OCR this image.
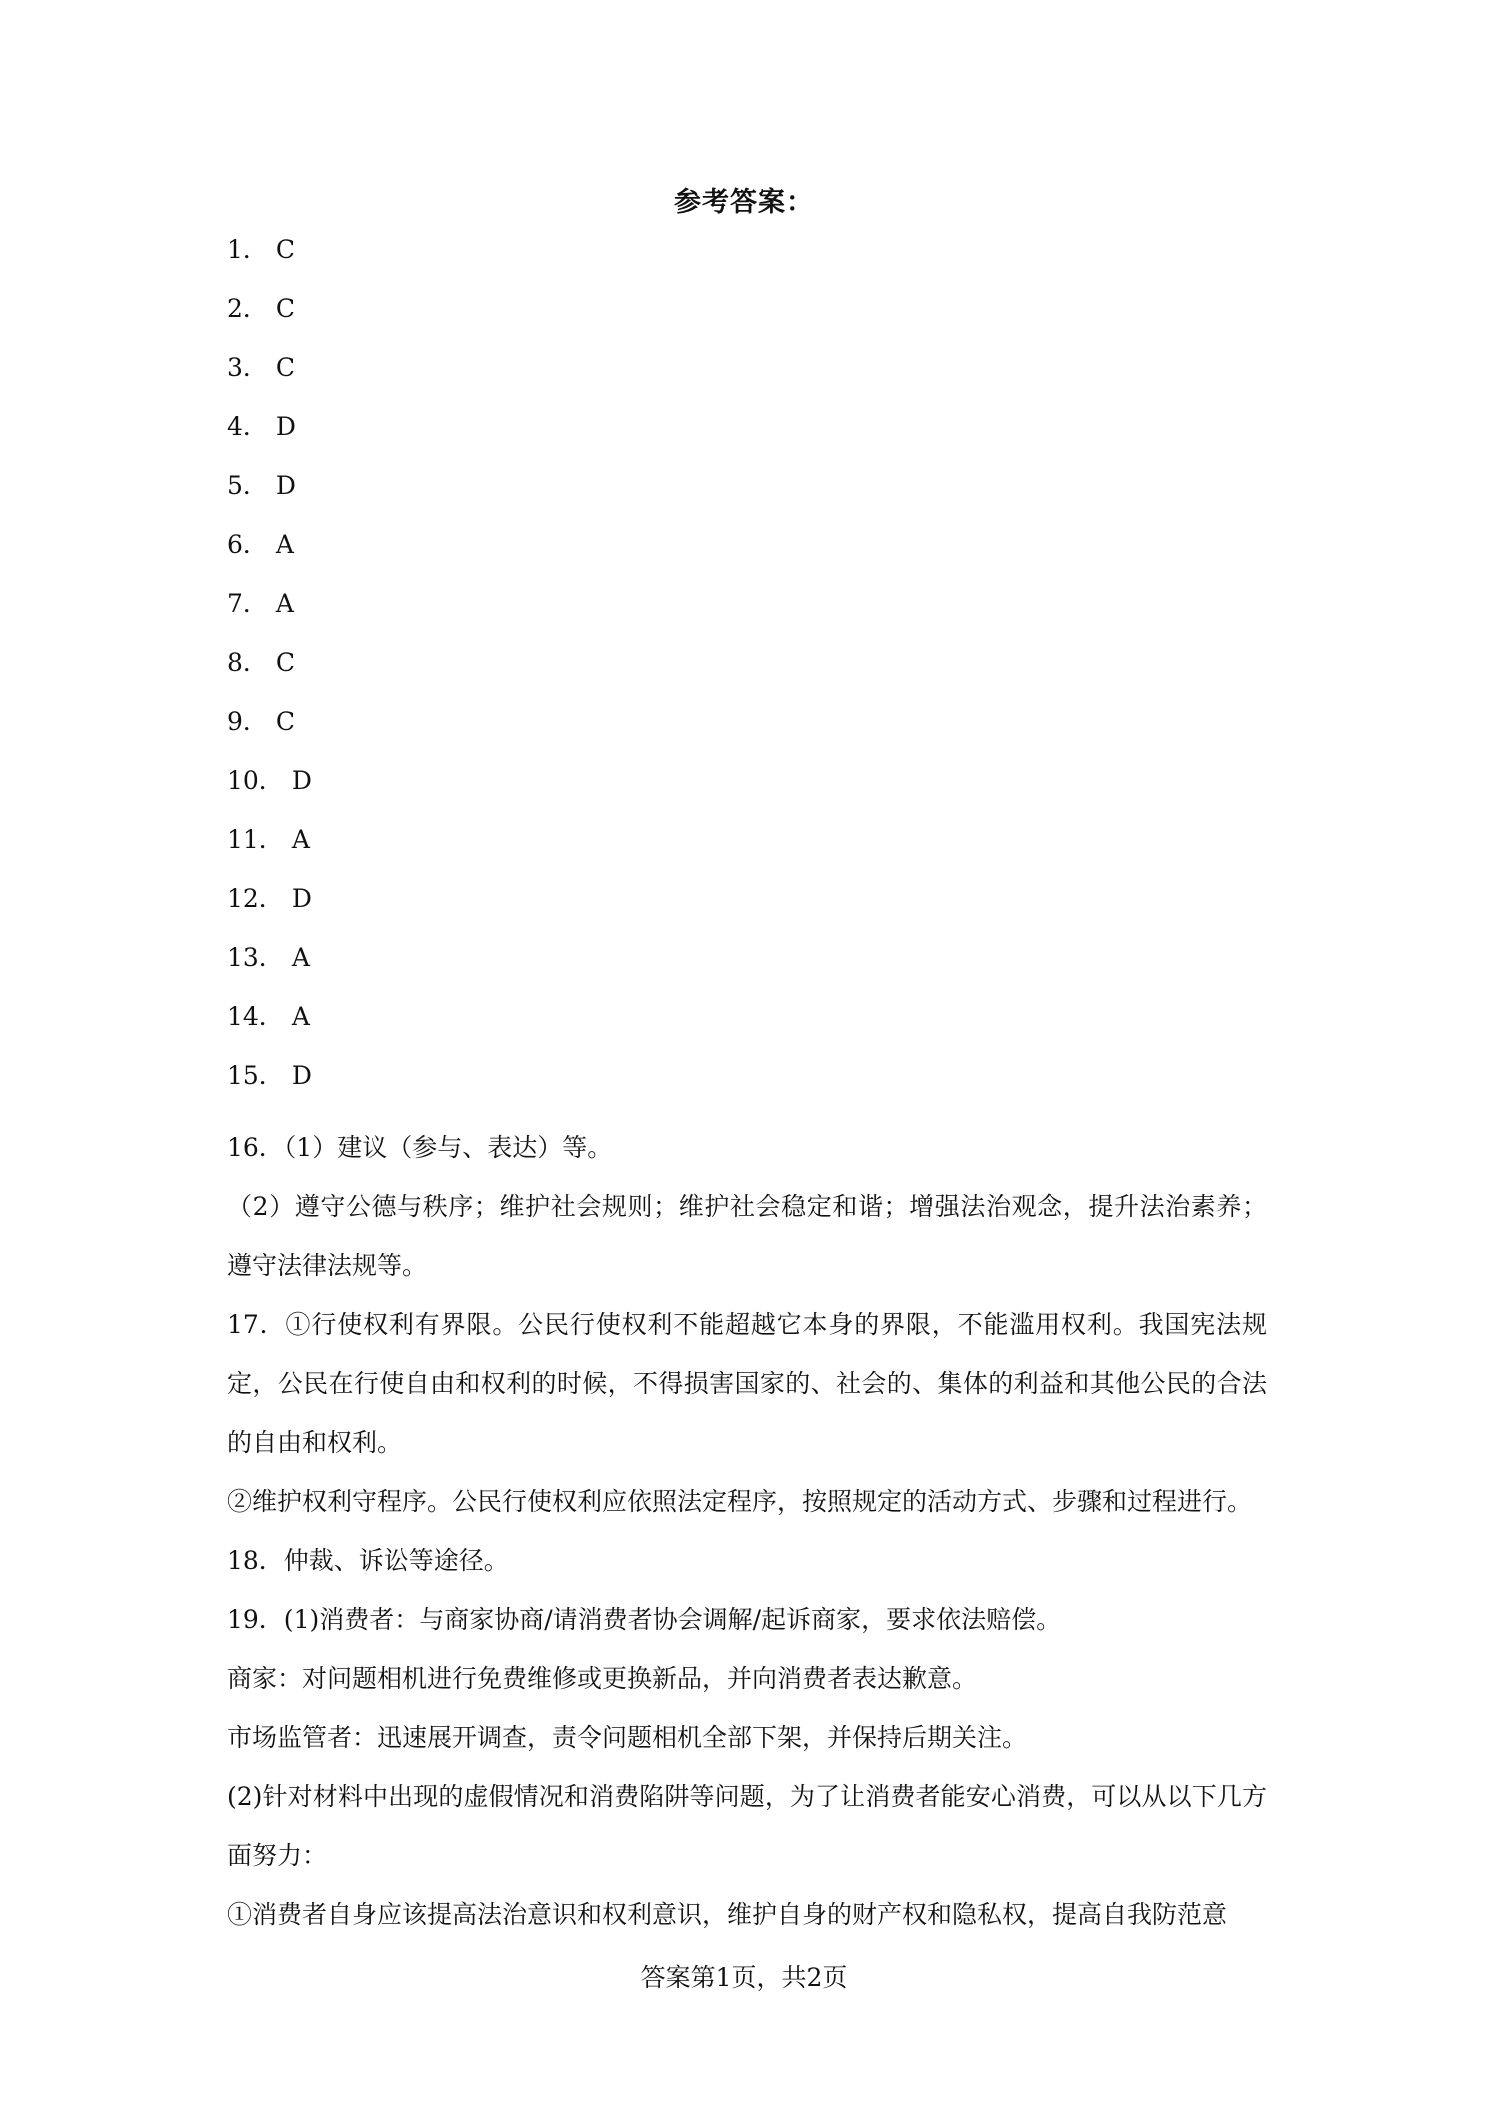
参考答案：
1． C
2． C
3． C
4． D
5． D
6． A
7． A
8． C
9． C
10． D
11． A
12． D
13． A
14． A
15． D
16．（1）建议（参与、表达）等。
（2）遵守公德与秩序；维护社会规则；维护社会稳定和谐；增强法治观念，提升法治素养；遵守法律法规等。
17．①行使权利有界限。公民行使权利不能超越它本身的界限，不能滥用权利。我国宪法规定，公民在行使自由和权利的时候，不得损害国家的、社会的、集体的利益和其他公民的合法的自由和权利。
②维护权利守程序。公民行使权利应依照法定程序，按照规定的活动方式、步骤和过程进行。
18．仲裁、诉讼等途径。
19．(1)消费者：与商家协商/请消费者协会调解/起诉商家，要求依法赔偿。
商家：对问题相机进行免费维修或更换新品，并向消费者表达歉意。
市场监管者：迅速展开调查，责令问题相机全部下架，并保持后期关注。
(2)针对材料中出现的虚假情况和消费陷阱等问题，为了让消费者能安心消费，可以从以下几方面努力：
①消费者自身应该提高法治意识和权利意识，维护自身的财产权和隐私权，提高自我防范意
答案第1页，共2页
